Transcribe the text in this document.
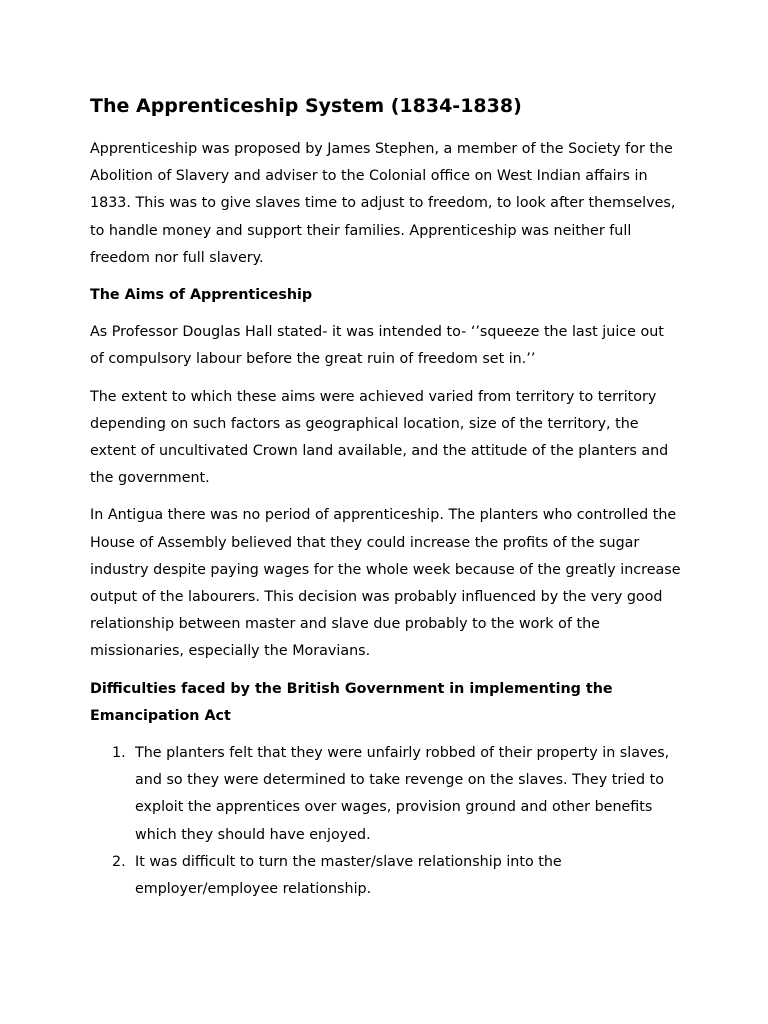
The Apprenticeship System (1834-1838)

Apprenticeship was proposed by James Stephen, a member of the Society for the Abolition of Slavery and adviser to the Colonial office on West Indian affairs in 1833. This was to give slaves time to adjust to freedom, to look after themselves, to handle money and support their families. Apprenticeship was neither full freedom nor full slavery.

The Aims of Apprenticeship

As Professor Douglas Hall stated- it was intended to- ‘’squeeze the last juice out of compulsory labour before the great ruin of freedom set in.’’

The extent to which these aims were achieved varied from territory to territory depending on such factors as geographical location, size of the territory, the extent of uncultivated Crown land available, and the attitude of the planters and the government.

In Antigua there was no period of apprenticeship. The planters who controlled the House of Assembly believed that they could increase the profits of the sugar industry despite paying wages for the whole week because of the greatly increase output of the labourers. This decision was probably influenced by the very good relationship between master and slave due probably to the work of the missionaries, especially the Moravians.

Difficulties faced by the British Government in implementing the Emancipation Act
1. The planters felt that they were unfairly robbed of their property in slaves, and so they were determined to take revenge on the slaves. They tried to exploit the apprentices over wages, provision ground and other benefits which they should have enjoyed.
2. It was difficult to turn the master/slave relationship into the employer/employee relationship.
